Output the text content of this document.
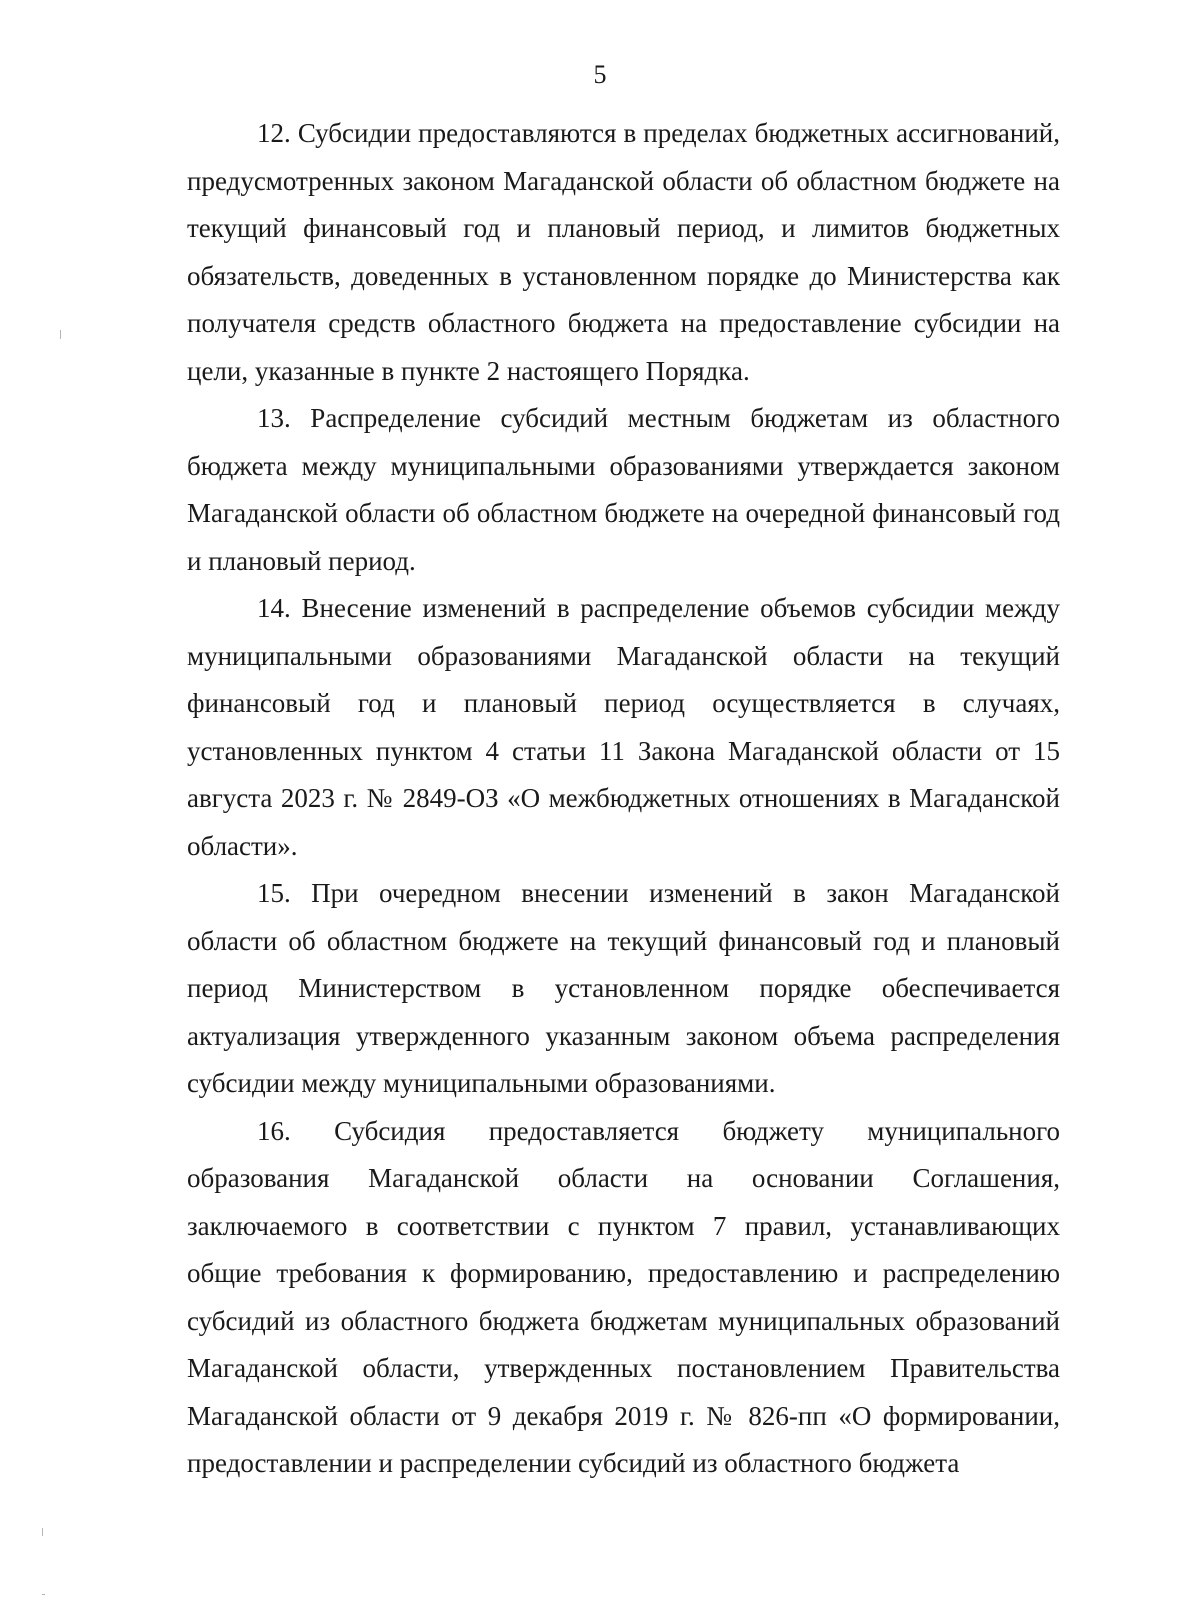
5

12. Субсидии предоставляются в пределах бюджетных ассигнований, предусмотренных законом Магаданской области об областном бюджете на текущий финансовый год и плановый период, и лимитов бюджетных обязательств, доведенных в установленном порядке до Министерства как получателя средств областного бюджета на предоставление субсидии на цели, указанные в пункте 2 настоящего Порядка.

13. Распределение субсидий местным бюджетам из областного бюджета между муниципальными образованиями утверждается законом Магаданской области об областном бюджете на очередной финансовый год и плановый период.

14. Внесение изменений в распределение объемов субсидии между муниципальными образованиями Магаданской области на текущий финансовый год и плановый период осуществляется в случаях, установленных пунктом 4 статьи 11 Закона Магаданской области от 15 августа 2023 г. № 2849-ОЗ «О межбюджетных отношениях в Магаданской области».

15. При очередном внесении изменений в закон Магаданской области об областном бюджете на текущий финансовый год и плановый период Министерством в установленном порядке обеспечивается актуализация утвержденного указанным законом объема распределения субсидии между муниципальными образованиями.

16. Субсидия предоставляется бюджету муниципального образования Магаданской области на основании Соглашения, заключаемого в соответствии с пунктом 7 правил, устанавливающих общие требования к формированию, предоставлению и распределению субсидий из областного бюджета бюджетам муниципальных образований Магаданской области, утвержденных постановлением Правительства Магаданской области от 9 декабря 2019 г. № 826-пп «О формировании, предоставлении и распределении субсидий из областного бюджета
